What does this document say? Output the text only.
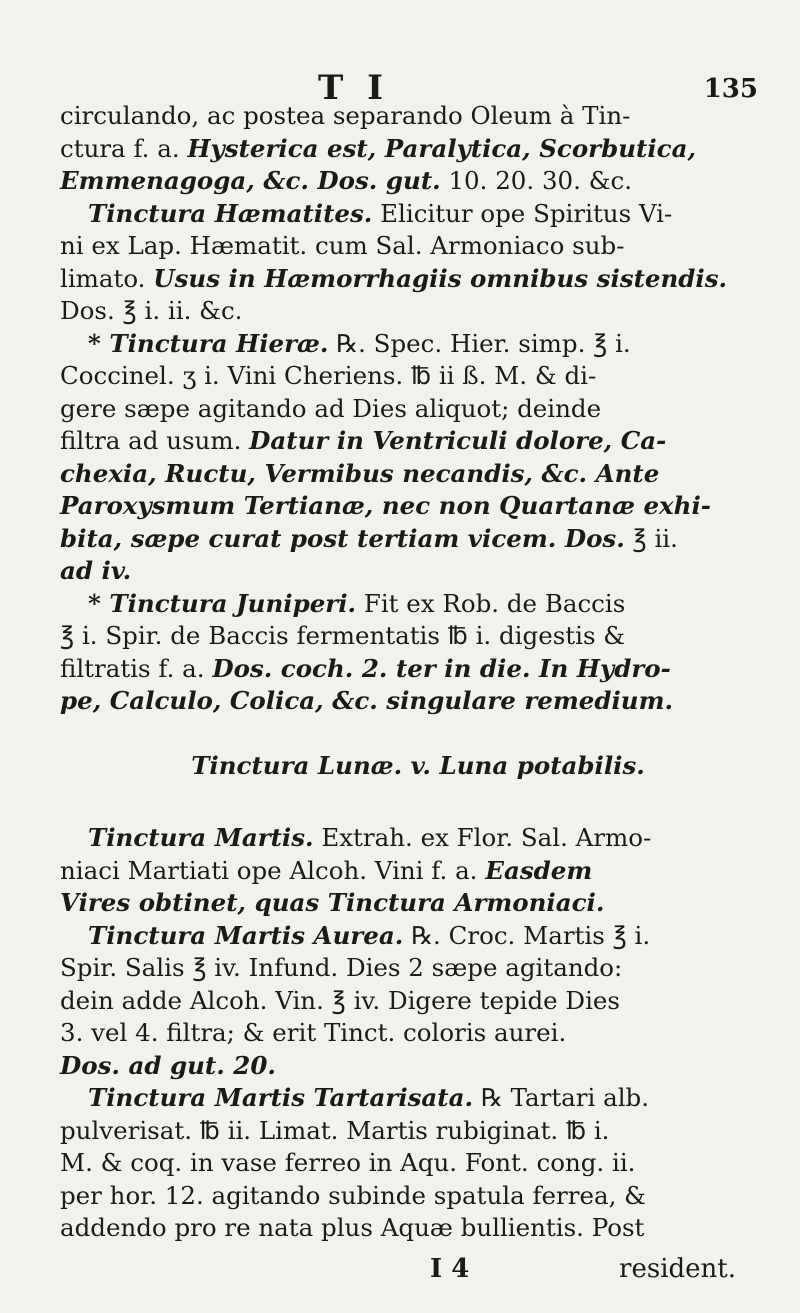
T I	135

circulando, ac postea separando Oleum à Tin-
ctura f. a. Hysterica est, Paralytica, Scorbutica,
Emmenagoga, &c. Dos. gut. 10. 20. 30. &c.

Tinctura Hæmatites. Elicitur ope Spiritus Vi-
ni ex Lap. Hæmatit. cum Sal. Armoniaco sub-
limato. Usus in Hæmorrhagiis omnibus sistendis.
Dos. ℥ i. ii. &c.

* Tinctura Hieræ. ℞. Spec. Hier. simp. ℥ i.
Coccinel. ʒ i. Vini Cheriens. ℔ ii ß. M. & di-
gere sæpe agitando ad Dies aliquot; deinde
filtra ad usum. Datur in Ventriculi dolore, Ca-
chexia, Ructu, Vermibus necandis, &c. Ante
Paroxysmum Tertianæ, nec non Quartanæ exhi-
bita, sæpe curat post tertiam vicem. Dos. ℥ ii.
ad iv.

* Tinctura Juniperi. Fit ex Rob. de Baccis
℥ i. Spir. de Baccis fermentatis ℔ i. digestis &
filtratis f. a. Dos. coch. 2. ter in die. In Hydro-
pe, Calculo, Colica, &c. singulare remedium.

Tinctura Lunæ. v. Luna potabilis.

Tinctura Martis. Extrah. ex Flor. Sal. Armo-
niaci Martiati ope Alcoh. Vini f. a. Easdem
Vires obtinet, quas Tinctura Armoniaci.

Tinctura Martis Aurea. ℞. Croc. Martis ℥ i.
Spir. Salis ℥ iv. Infund. Dies 2 sæpe agitando:
dein adde Alcoh. Vin. ℥ iv. Digere tepide Dies
3. vel 4. filtra; & erit Tinct. coloris aurei.
Dos. ad gut. 20.

Tinctura Martis Tartarisata. ℞ Tartari alb.
pulverisat. ℔ ii. Limat. Martis rubiginat. ℔ i.
M. & coq. in vase ferreo in Aqu. Font. cong. ii.
per hor. 12. agitando subinde spatula ferrea, &
addendo pro re nata plus Aquæ bullientis. Post

I 4	resident.
